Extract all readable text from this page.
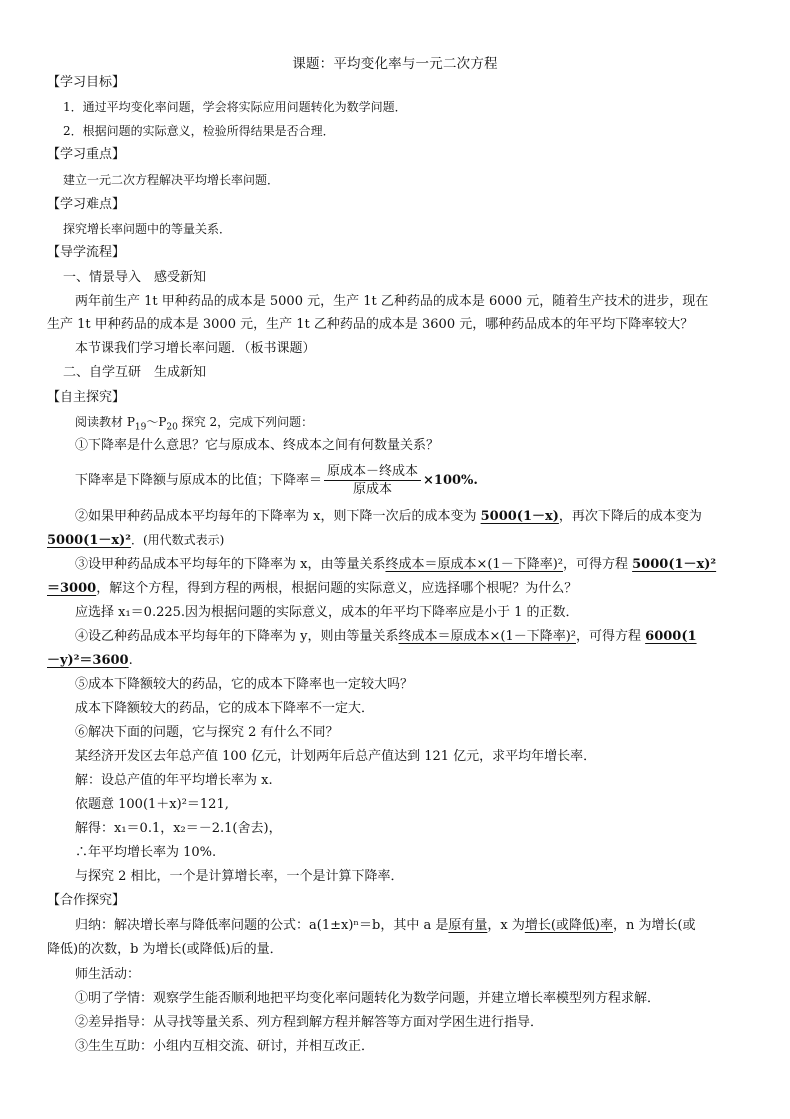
课题：平均变化率与一元二次方程
【学习目标】
1．通过平均变化率问题，学会将实际应用问题转化为数学问题．
2．根据问题的实际意义，检验所得结果是否合理．
【学习重点】
建立一元二次方程解决平均增长率问题．
【学习难点】
探究增长率问题中的等量关系．
【导学流程】
一、情景导入　感受新知
两年前生产 1t 甲种药品的成本是 5000 元，生产 1t 乙种药品的成本是 6000 元，随着生产技术的进步，现在
生产 1t 甲种药品的成本是 3000 元，生产 1t 乙种药品的成本是 3600 元，哪种药品成本的年平均下降率较大？
本节课我们学习增长率问题．（板书课题）
二、自学互研　生成新知
【自主探究】
阅读教材 $P_{19}\sim P_{20}$ 探究 2，完成下列问题：
①下降率是什么意思？它与原成本、终成本之间有何数量关系？
下降率是下降额与原成本的比值；下降率＝ $\frac{\text{原成本－终成本}}{\text{原成本}} \times 100\%$.
②如果甲种药品成本平均每年的下降率为 x，则下降一次后的成本变为 5000(1－x)，再次下降后的成本变为
5000(1－x)²．(用代数式表示)
③设甲种药品成本平均每年的下降率为 x，由等量关系终成本＝原成本×(1－下降率)²，可得方程 5000(1－x)²
＝3000，解这个方程，得到方程的两根，根据问题的实际意义，应选择哪个根呢？为什么？
应选择 x₁＝0.225.因为根据问题的实际意义，成本的年平均下降率应是小于 1 的正数．
④设乙种药品成本平均每年的下降率为 y，则由等量关系终成本＝原成本×(1－下降率)²，可得方程 6000(1
－y)²＝3600.
⑤成本下降额较大的药品，它的成本下降率也一定较大吗？
成本下降额较大的药品，它的成本下降率不一定大．
⑥解决下面的问题，它与探究 2 有什么不同？
某经济开发区去年总产值 100 亿元，计划两年后总产值达到 121 亿元，求平均年增长率．
解：设总产值的年平均增长率为 x.
依题意 100(1＋x)²＝121,
解得：x₁＝0.1，x₂＝－2.1(舍去)，
∴年平均增长率为 10%.
与探究 2 相比，一个是计算增长率，一个是计算下降率．
【合作探究】
归纳：解决增长率与降低率问题的公式：a(1±x)ⁿ＝b，其中 a 是原有量，x 为增长(或降低)率，n 为增长(或
降低)的次数，b 为增长(或降低)后的量．
师生活动：
①明了学情：观察学生能否顺利地把平均变化率问题转化为数学问题，并建立增长率模型列方程求解．
②差异指导：从寻找等量关系、列方程到解方程并解答等方面对学困生进行指导．
③生生互助：小组内互相交流、研讨，并相互改正．
